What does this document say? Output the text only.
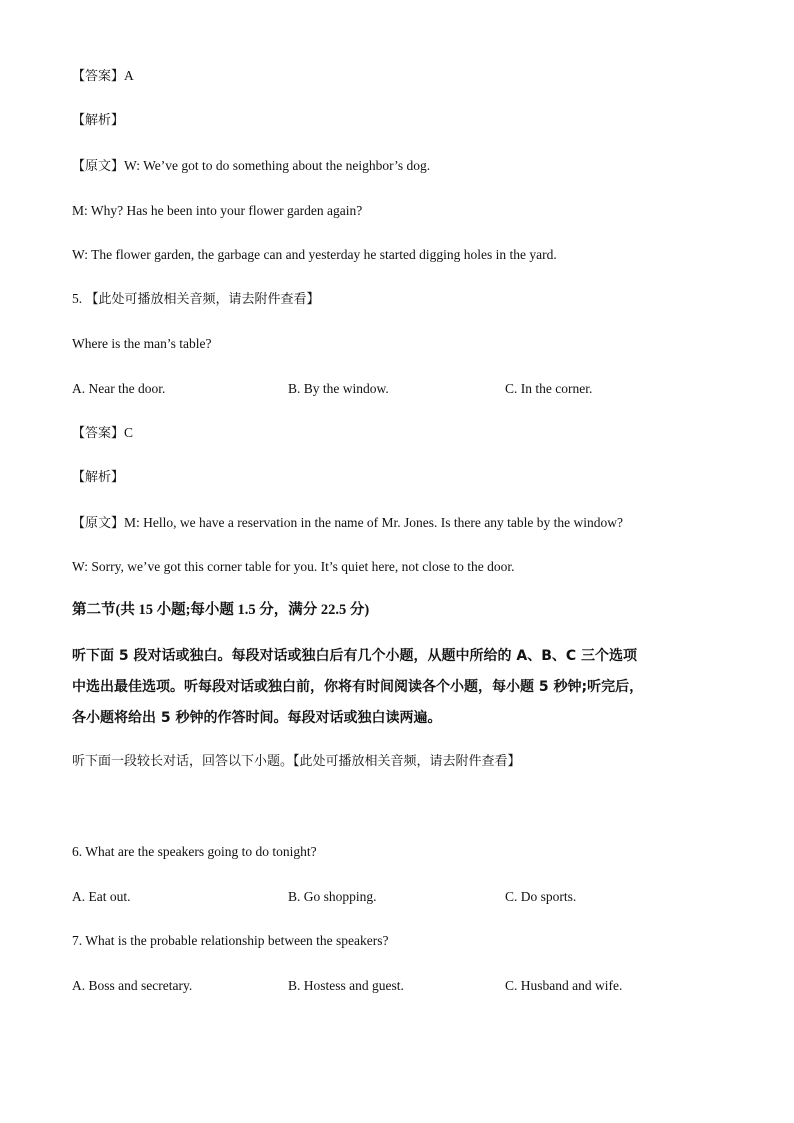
【答案】A
【解析】
【原文】W: We’ve got to do something about the neighbor’s dog.
M: Why? Has he been into your flower garden again?
W: The flower garden, the garbage can and yesterday he started digging holes in the yard.
5. 【此处可播放相关音频，请去附件查看】
Where is the man’s table?
A. Near the door.	B. By the window.	C. In the corner.
【答案】C
【解析】
【原文】M: Hello, we have a reservation in the name of Mr. Jones. Is there any table by the window?
W: Sorry, we’ve got this corner table for you. It’s quiet here, not close to the door.
第二节(共 15 小题;每小题 1.5 分，满分 22.5 分)
听下面 5 段对话或独白。每段对话或独白后有几个小题，从题中所给的 A、B、C 三个选项
中选出最佳选项。听每段对话或独白前，你将有时间阅读各个小题，每小题 5 秒钟;听完后，
各小题将给出 5 秒钟的作答时间。每段对话或独白读两遍。
听下面一段较长对话，回答以下小题。【此处可播放相关音频，请去附件查看】
6. What are the speakers going to do tonight?
A. Eat out.	B. Go shopping.	C. Do sports.
7. What is the probable relationship between the speakers?
A. Boss and secretary.	B. Hostess and guest.	C. Husband and wife.
